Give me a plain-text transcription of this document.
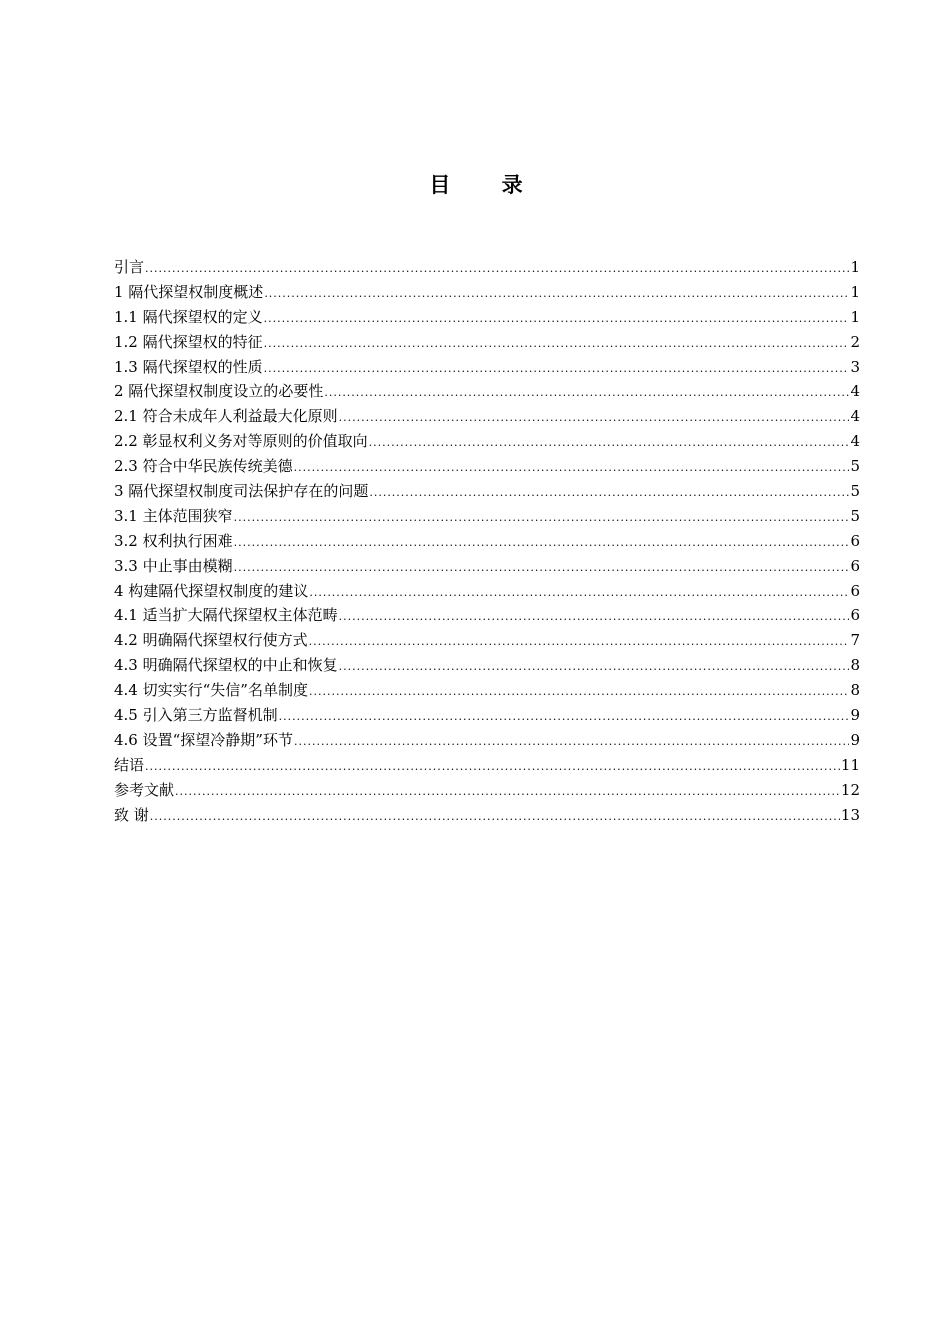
目 录
引言 .....	1
1 隔代探望权制度概述 .....	1
1.1 隔代探望权的定义 .....	1
1.2 隔代探望权的特征 .....	2
1.3 隔代探望权的性质 .....	3
2 隔代探望权制度设立的必要性 .....	4
2.1 符合未成年人利益最大化原则 .....	4
2.2 彰显权利义务对等原则的价值取向 .....	4
2.3 符合中华民族传统美德 .....	5
3 隔代探望权制度司法保护存在的问题 .....	5
3.1 主体范围狭窄 .....	5
3.2 权利执行困难 .....	6
3.3 中止事由模糊 .....	6
4 构建隔代探望权制度的建议 .....	6
4.1 适当扩大隔代探望权主体范畴 .....	6
4.2 明确隔代探望权行使方式 .....	7
4.3 明确隔代探望权的中止和恢复 .....	8
4.4 切实实行“失信”名单制度 .....	8
4.5 引入第三方监督机制 .....	9
4.6 设置“探望冷静期”环节 .....	9
结语 .....	11
参考文献 .....	12
致 谢 .....	13
